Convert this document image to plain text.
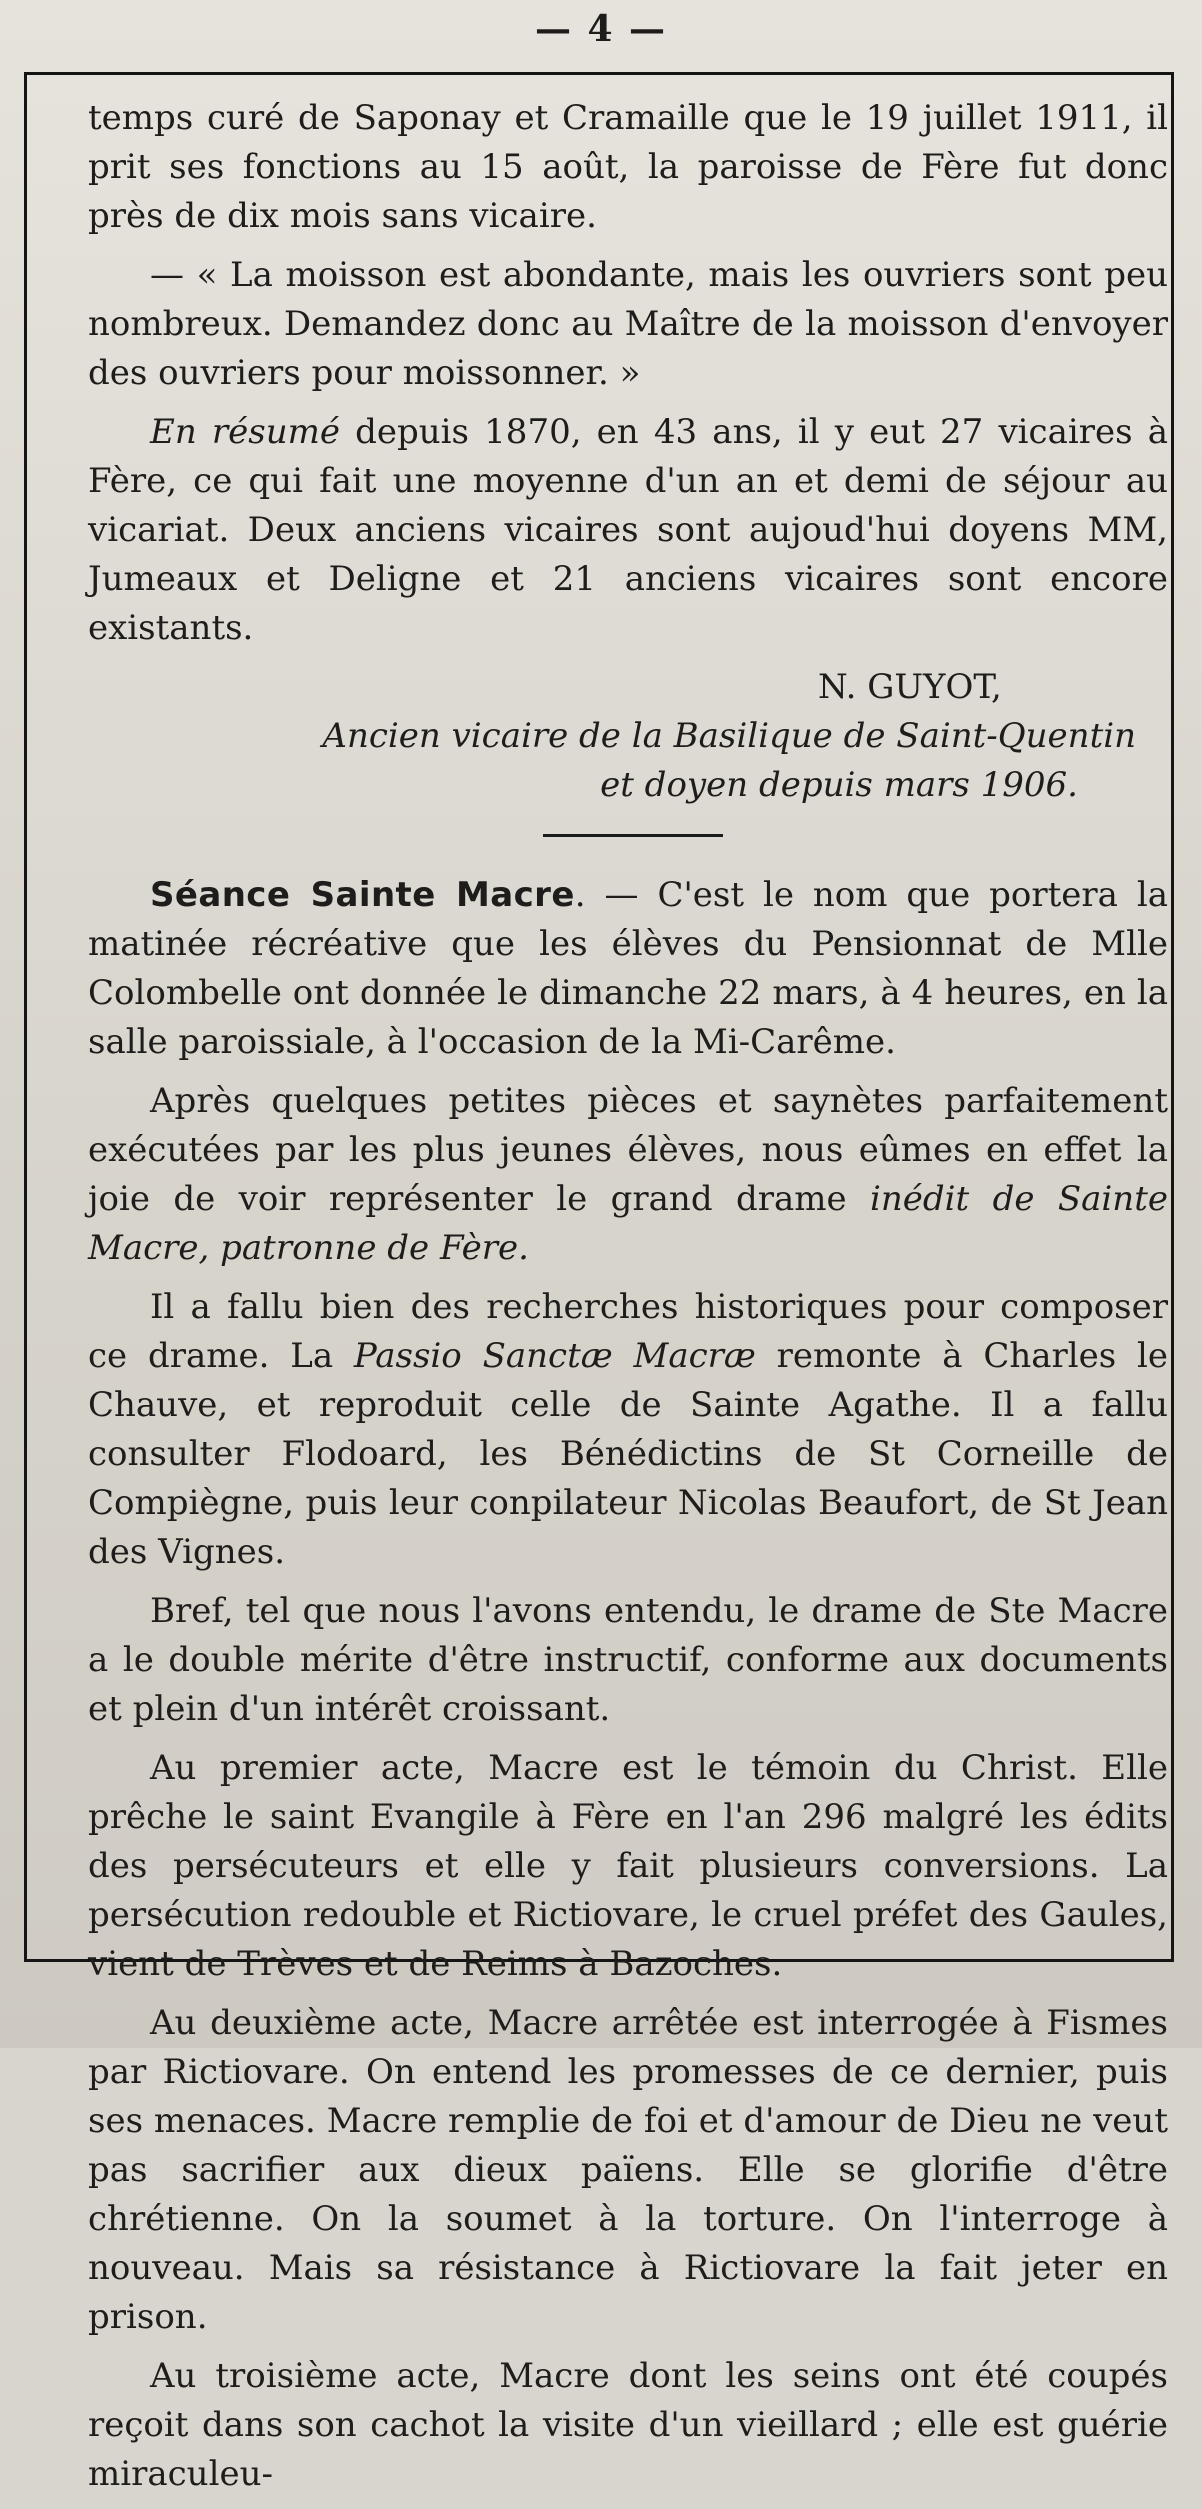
— 4 —

temps curé de Saponay et Cramaille que le 19 juillet 1911, il prit ses fonctions au 15 août, la paroisse de Fère fut donc près de dix mois sans vicaire.

— « La moisson est abondante, mais les ouvriers sont peu nombreux. Demandez donc au Maître de la moisson d'envoyer des ouvriers pour moissonner. »

En résumé depuis 1870, en 43 ans, il y eut 27 vicaires à Fère, ce qui fait une moyenne d'un an et demi de séjour au vicariat. Deux anciens vicaires sont aujoud'hui doyens MM, Jumeaux et Deligne et 21 anciens vicaires sont encore existants.

N. GUYOT,

Ancien vicaire de la Basilique de Saint-Quentin

et doyen depuis mars 1906.

Séance Sainte Macre. — C'est le nom que portera la matinée récréative que les élèves du Pensionnat de Mlle Colombelle ont donnée le dimanche 22 mars, à 4 heures, en la salle paroissiale, à l'occasion de la Mi-Carême.

Après quelques petites pièces et saynètes parfaitement exécutées par les plus jeunes élèves, nous eûmes en effet la joie de voir représenter le grand drame inédit de Sainte Macre, patronne de Fère.

Il a fallu bien des recherches historiques pour composer ce drame. La Passio Sanctæ Macræ remonte à Charles le Chauve, et reproduit celle de Sainte Agathe. Il a fallu consulter Flodoard, les Bénédictins de St Corneille de Compiègne, puis leur conpilateur Nicolas Beaufort, de St Jean des Vignes.

Bref, tel que nous l'avons entendu, le drame de Ste Macre a le double mérite d'être instructif, conforme aux documents et plein d'un intérêt croissant.

Au premier acte, Macre est le témoin du Christ. Elle prêche le saint Evangile à Fère en l'an 296 malgré les édits des persécuteurs et elle y fait plusieurs conversions. La persécution redouble et Rictiovare, le cruel préfet des Gaules, vient de Trèves et de Reims à Bazoches.

Au deuxième acte, Macre arrêtée est interrogée à Fismes par Rictiovare. On entend les promesses de ce dernier, puis ses menaces. Macre remplie de foi et d'amour de Dieu ne veut pas sacrifier aux dieux païens. Elle se glorifie d'être chrétienne. On la soumet à la torture. On l'interroge à nouveau. Mais sa résistance à Rictiovare la fait jeter en prison.

Au troisième acte, Macre dont les seins ont été coupés reçoit dans son cachot la visite d'un vieillard ; elle est guérie miraculeu-
